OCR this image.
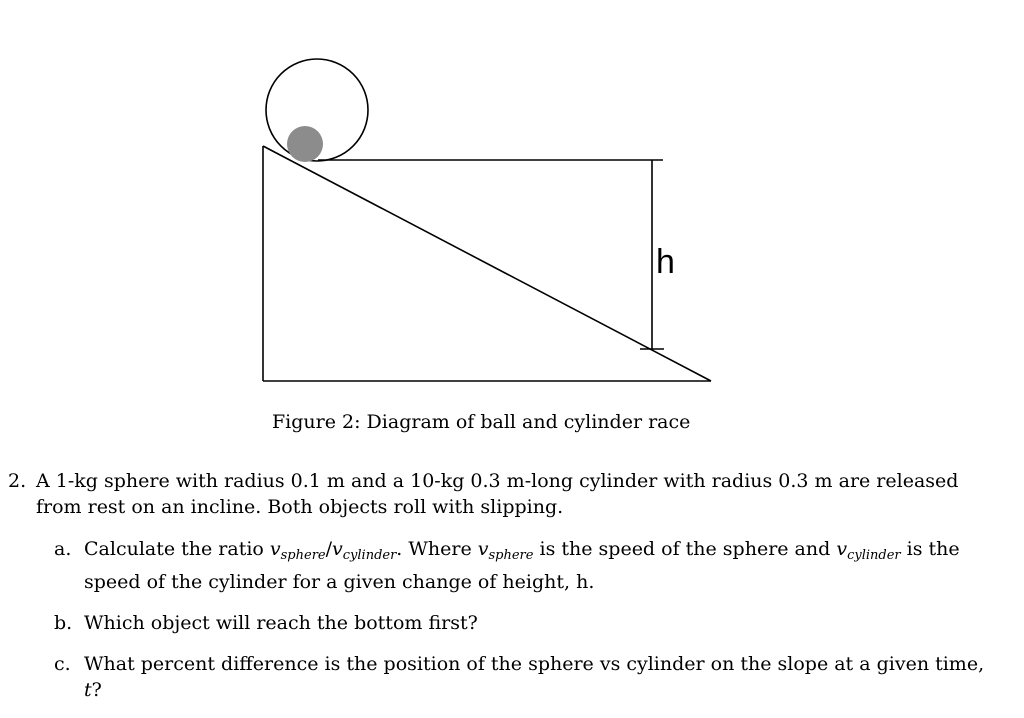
h
Figure 2: Diagram of ball and cylinder race
2. A 1-kg sphere with radius 0.1 m and a 10-kg 0.3 m-long cylinder with radius 0.3 m are released from rest on an incline. Both objects roll with slipping.
a. Calculate the ratio $v_{sphere}/v_{cylinder}$. Where $v_{sphere}$ is the speed of the sphere and $v_{cylinder}$ is the speed of the cylinder for a given change of height, h.
b. Which object will reach the bottom first?
c. What percent difference is the position of the sphere vs cylinder on the slope at a given time, t?
